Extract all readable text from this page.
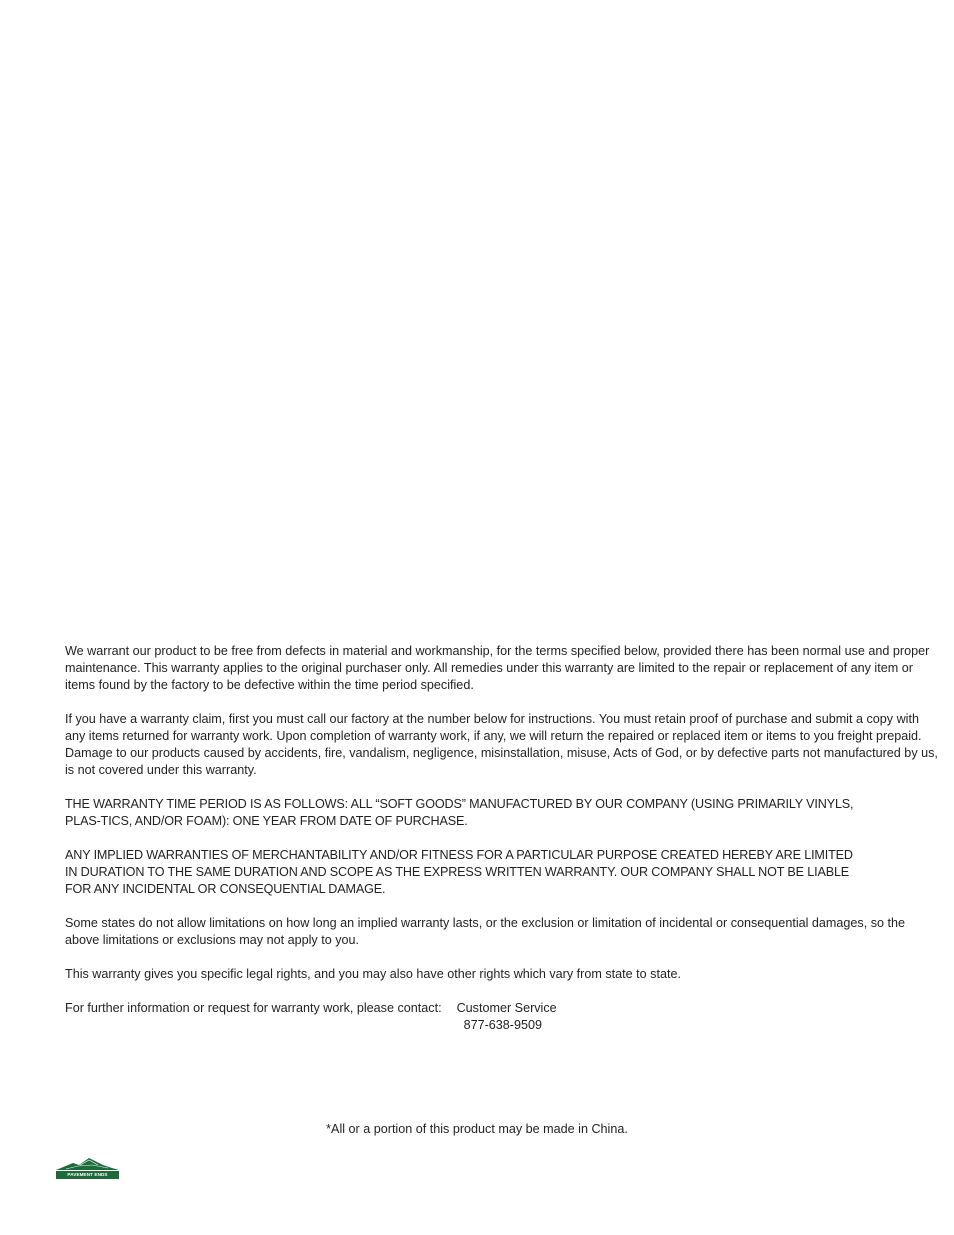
We warrant our product to be free from defects in material and workmanship, for the terms specified below, provided there has been normal use and proper maintenance. This warranty applies to the original purchaser only. All remedies under this warranty are limited to the repair or replacement of any item or items found by the factory to be defective within the time period specified.

If you have a warranty claim, first you must call our factory at the number below for instructions. You must retain proof of purchase and submit a copy with any items returned for warranty work. Upon completion of warranty work, if any, we will return the repaired or replaced item or items to you freight prepaid. Damage to our products caused by accidents, fire, vandalism, negligence, misinstallation, misuse, Acts of God, or by defective parts not manufactured by us, is not covered under this warranty.

THE WARRANTY TIME PERIOD IS AS FOLLOWS: ALL “SOFT GOODS” MANUFACTURED BY OUR COMPANY (USING PRIMARILY VINYLS, PLAS-TICS, AND/OR FOAM): ONE YEAR FROM DATE OF PURCHASE.

ANY IMPLIED WARRANTIES OF MERCHANTABILITY AND/OR FITNESS FOR A PARTICULAR PURPOSE CREATED HEREBY ARE LIMITED IN DURATION TO THE SAME DURATION AND SCOPE AS THE EXPRESS WRITTEN WARRANTY. OUR COMPANY SHALL NOT BE LIABLE FOR ANY INCIDENTAL OR CONSEQUENTIAL DAMAGE.

Some states do not allow limitations on how long an implied warranty lasts, or the exclusion or limitation of incidental or consequential damages, so the above limitations or exclusions may not apply to you.

This warranty gives you specific legal rights, and you may also have other rights which vary from state to state.

For further information or request for warranty work, please contact: Customer Service
877-638-9509
*All or a portion of this product may be made in China.
PAVEMENT ENDS
